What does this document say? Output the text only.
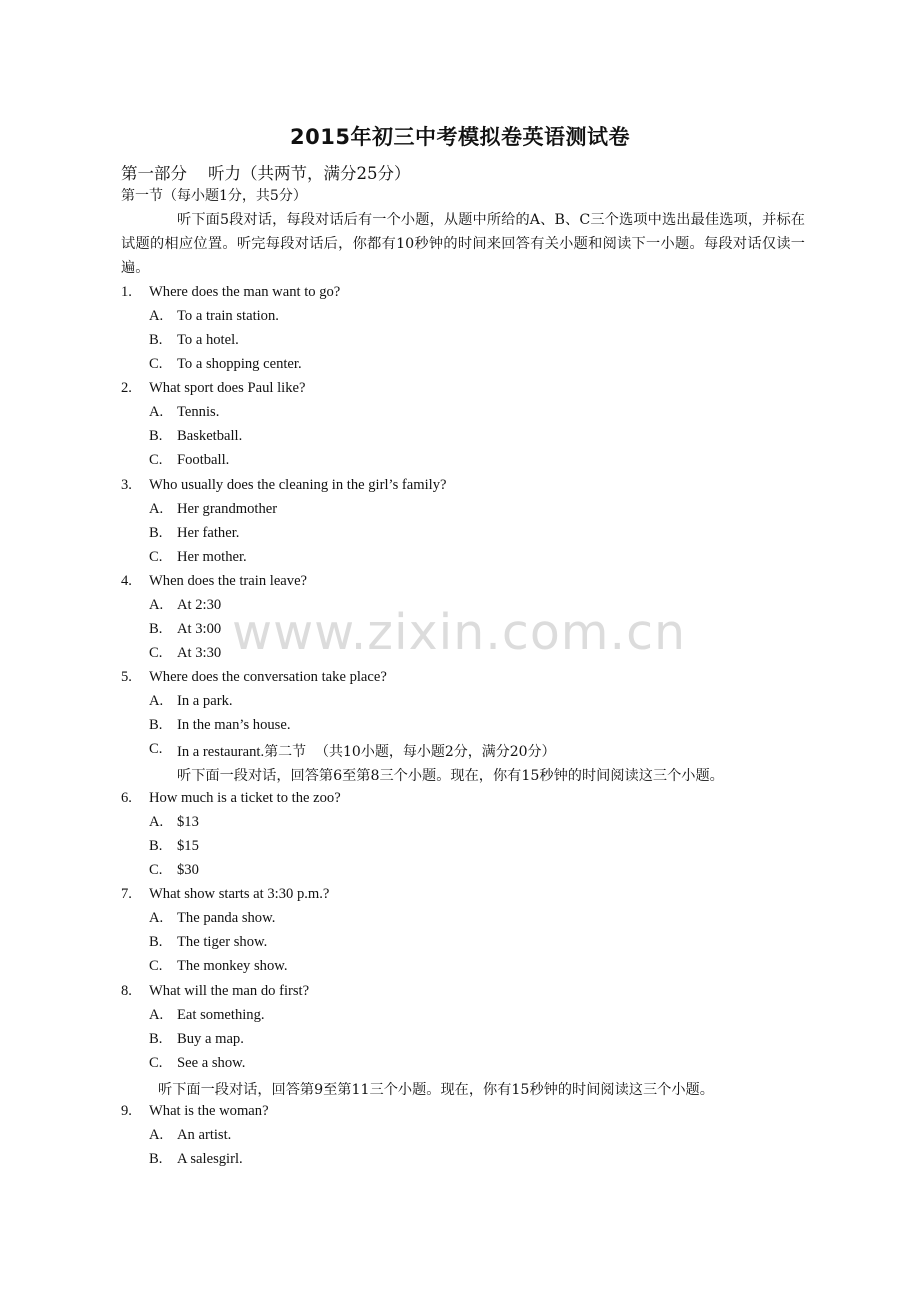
2015年初三中考模拟卷英语测试卷
第一部分    听力（共两节，满分25分）
第一节（每小题1分，共5分）
听下面5段对话，每段对话后有一个小题，从题中所给的A、B、C三个选项中选出最佳选项，并标在试题的相应位置。听完每段对话后，你都有10秒钟的时间来回答有关小题和阅读下一小题。每段对话仅读一遍。
1. Where does the man want to go?
A. To a train station.
B. To a hotel.
C. To a shopping center.
2. What sport does Paul like?
A. Tennis.
B. Basketball.
C. Football.
3. Who usually does the cleaning in the girl’s family?
A. Her grandmother
B. Her father.
C. Her mother.
4. When does the train leave?
A. At 2:30
B. At 3:00
C. At 3:30
5. Where does the conversation take place?
A. In a park.
B. In the man’s house.
C. In a restaurant.第二节  （共10小题，每小题2分，满分20分）
听下面一段对话，回答第6至第8三个小题。现在，你有15秒钟的时间阅读这三个小题。
6. How much is a ticket to the zoo?
A. $13
B. $15
C. $30
7. What show starts at 3:30 p.m.?
A. The panda show.
B. The tiger show.
C. The monkey show.
8. What will the man do first?
A. Eat something.
B. Buy a map.
C. See a show.
听下面一段对话，回答第9至第11三个小题。现在，你有15秒钟的时间阅读这三个小题。
9. What is the woman?
A. An artist.
B. A salesgirl.
www.zixin.com.cn
